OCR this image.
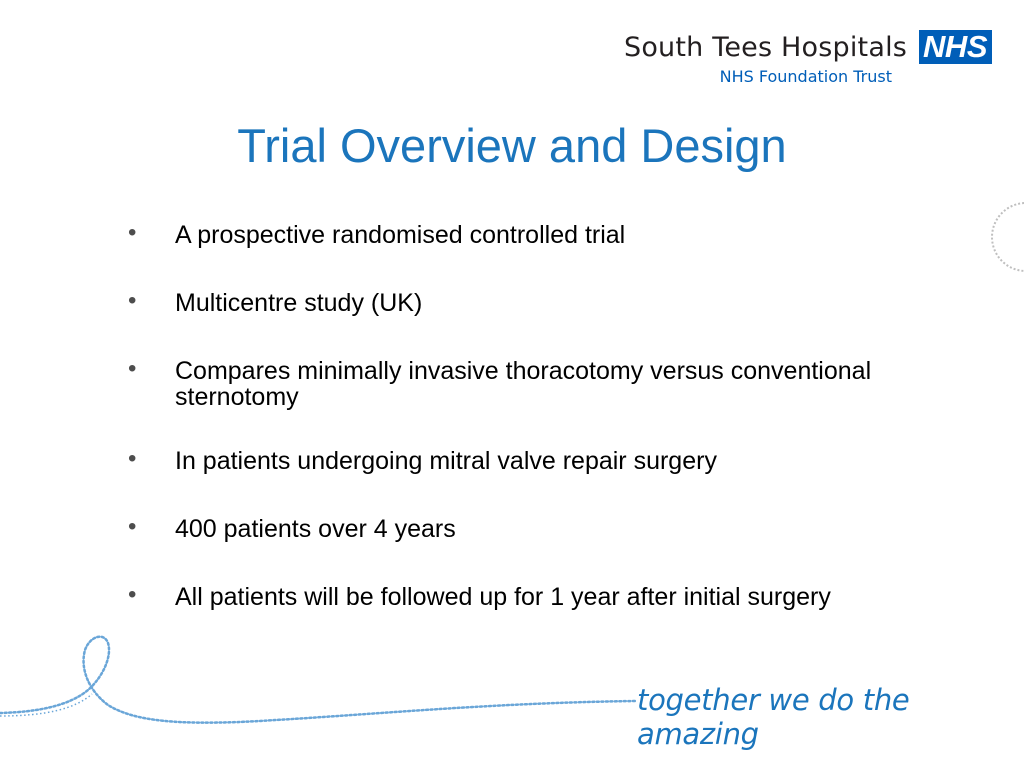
South Tees Hospitals NHS
NHS Foundation Trust
Trial Overview and Design
• A prospective randomised controlled trial
• Multicentre study (UK)
• Compares minimally invasive thoracotomy versus conventional sternotomy
• In patients undergoing mitral valve repair surgery
• 400 patients over 4 years
• All patients will be followed up for 1 year after initial surgery
together we do the amazing
